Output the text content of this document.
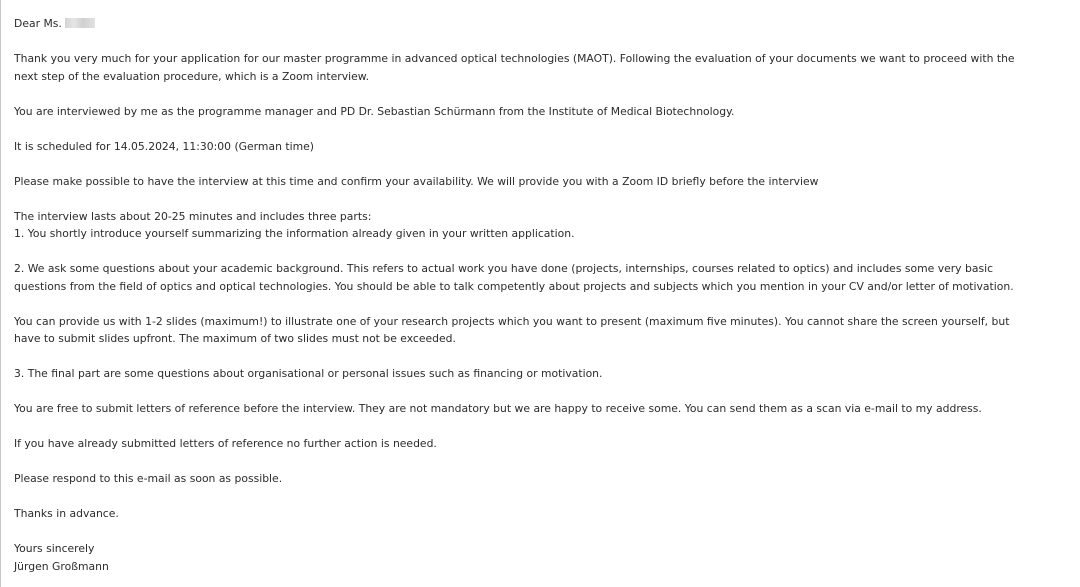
Dear Ms.

Thank you very much for your application for our master programme in advanced optical technologies (MAOT). Following the evaluation of your documents we want to proceed with the
next step of the evaluation procedure, which is a Zoom interview.

You are interviewed by me as the programme manager and PD Dr. Sebastian Schürmann from the Institute of Medical Biotechnology.

It is scheduled for 14.05.2024, 11:30:00 (German time)

Please make possible to have the interview at this time and confirm your availability. We will provide you with a Zoom ID briefly before the interview

The interview lasts about 20-25 minutes and includes three parts:
1. You shortly introduce yourself summarizing the information already given in your written application.

2. We ask some questions about your academic background. This refers to actual work you have done (projects, internships, courses related to optics) and includes some very basic
questions from the field of optics and optical technologies. You should be able to talk competently about projects and subjects which you mention in your CV and/or letter of motivation.

You can provide us with 1-2 slides (maximum!) to illustrate one of your research projects which you want to present (maximum five minutes). You cannot share the screen yourself, but
have to submit slides upfront. The maximum of two slides must not be exceeded.

3. The final part are some questions about organisational or personal issues such as financing or motivation.

You are free to submit letters of reference before the interview. They are not mandatory but we are happy to receive some. You can send them as a scan via e-mail to my address.

If you have already submitted letters of reference no further action is needed.

Please respond to this e-mail as soon as possible.

Thanks in advance.

Yours sincerely
Jürgen Großmann
